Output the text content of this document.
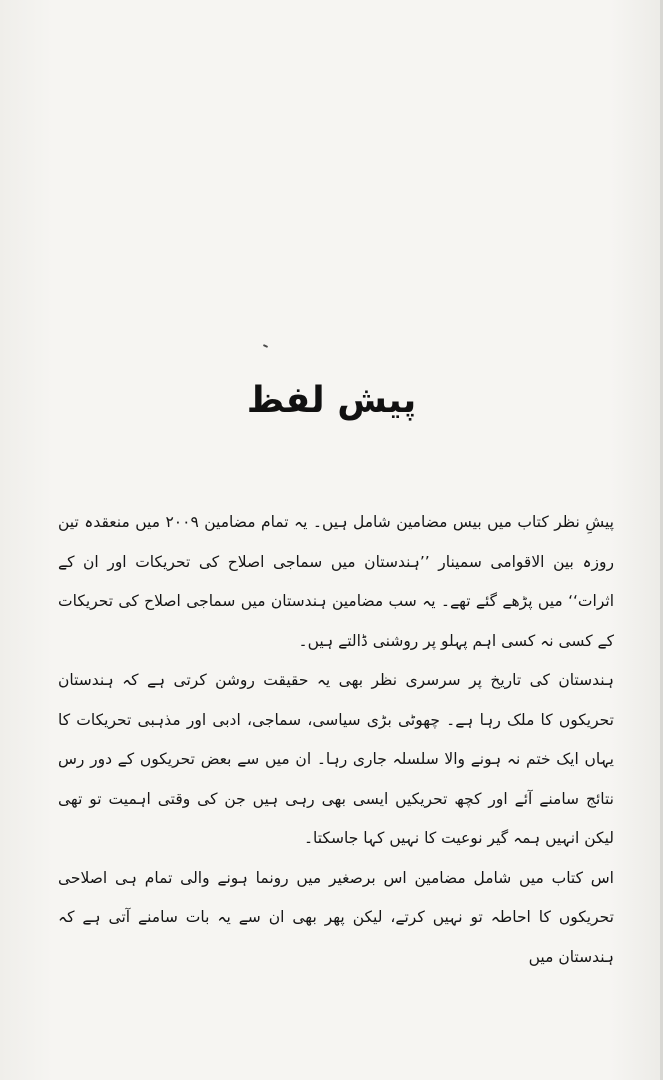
پیش لفظ

پیشِ نظر کتاب میں بیس مضامین شامل ہیں۔ یہ تمام مضامین ۲۰۰۹ میں منعقدہ تین روزہ بین الاقوامی سمینار ’’ہندستان میں سماجی اصلاح کی تحریکات اور ان کے اثرات‘‘ میں پڑھے گئے تھے۔ یہ سب مضامین ہندستان میں سماجی اصلاح کی تحریکات کے کسی نہ کسی اہم پہلو پر روشنی ڈالتے ہیں۔

ہندستان کی تاریخ پر سرسری نظر بھی یہ حقیقت روشن کرتی ہے کہ ہندستان تحریکوں کا ملک رہا ہے۔ چھوٹی بڑی سیاسی، سماجی، ادبی اور مذہبی تحریکات کا یہاں ایک ختم نہ ہونے والا سلسلہ جاری رہا۔ ان میں سے بعض تحریکوں کے دور رس نتائج سامنے آئے اور کچھ تحریکیں ایسی بھی رہی ہیں جن کی وقتی اہمیت تو تھی لیکن انہیں ہمہ گیر نوعیت کا نہیں کہا جاسکتا۔

اس کتاب میں شامل مضامین اس برصغیر میں رونما ہونے والی تمام ہی اصلاحی تحریکوں کا احاطہ تو نہیں کرتے، لیکن پھر بھی ان سے یہ بات سامنے آتی ہے کہ ہندستان میں
